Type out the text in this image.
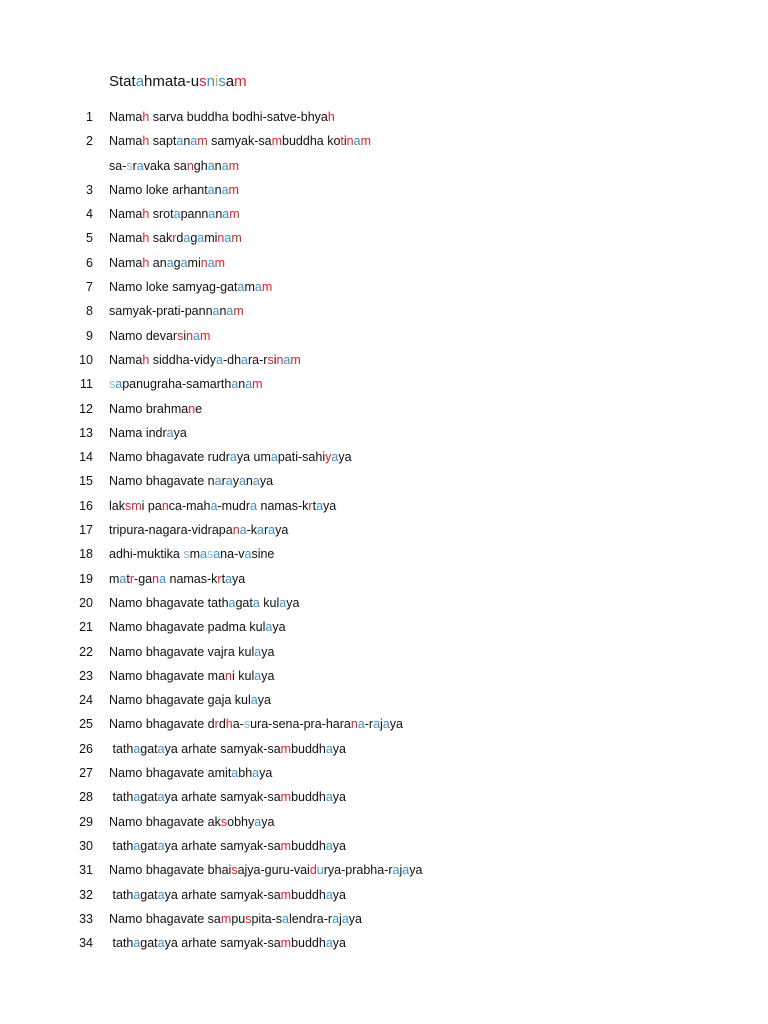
Statahmata-usnisam
1 Namah sarva buddha bodhi-satve-bhyah
2 Namah saptanam samyak-sambuddha kotinam
sa-sravaka sanghanam
3 Namo loke arhantanam
4 Namah srotapannanam
5 Namah sakrdagaminam
6 Namah anagaminam
7 Namo loke samyag-gatamam
8 samyak-prati-pannanam
9 Namo devarsinam
10 Namah siddha-vidya-dhara-rsinam
11 sapanugraha-samarthanam
12 Namo brahmane
13 Nama indraya
14 Namo bhagavate rudraya umapati-sahiyaya
15 Namo bhagavate narayanaya
16 laksmi panca-maha-mudra namas-krtaya
17 tripura-nagara-vidrapana-karaya
18 adhi-muktika smasana-vasine
19 matr-gana namas-krtaya
20 Namo bhagavate tathagata kulaya
21 Namo bhagavate padma kulaya
22 Namo bhagavate vajra kulaya
23 Namo bhagavate mani kulaya
24 Namo bhagavate gaja kulaya
25 Namo bhagavate drdha-sura-sena-pra-harana-rajaya
26 tathagataya arhate samyak-sambuddhaya
27 Namo bhagavate amitabhaya
28 tathagataya arhate samyak-sambuddhaya
29 Namo bhagavate aksobhyaya
30 tathagataya arhate samyak-sambuddhaya
31 Namo bhagavate bhaisajya-guru-vaidurya-prabha-rajaya
32 tathagataya arhate samyak-sambuddhaya
33 Namo bhagavate sampuspita-salendra-rajaya
34 tathagataya arhate samyak-sambuddhaya
